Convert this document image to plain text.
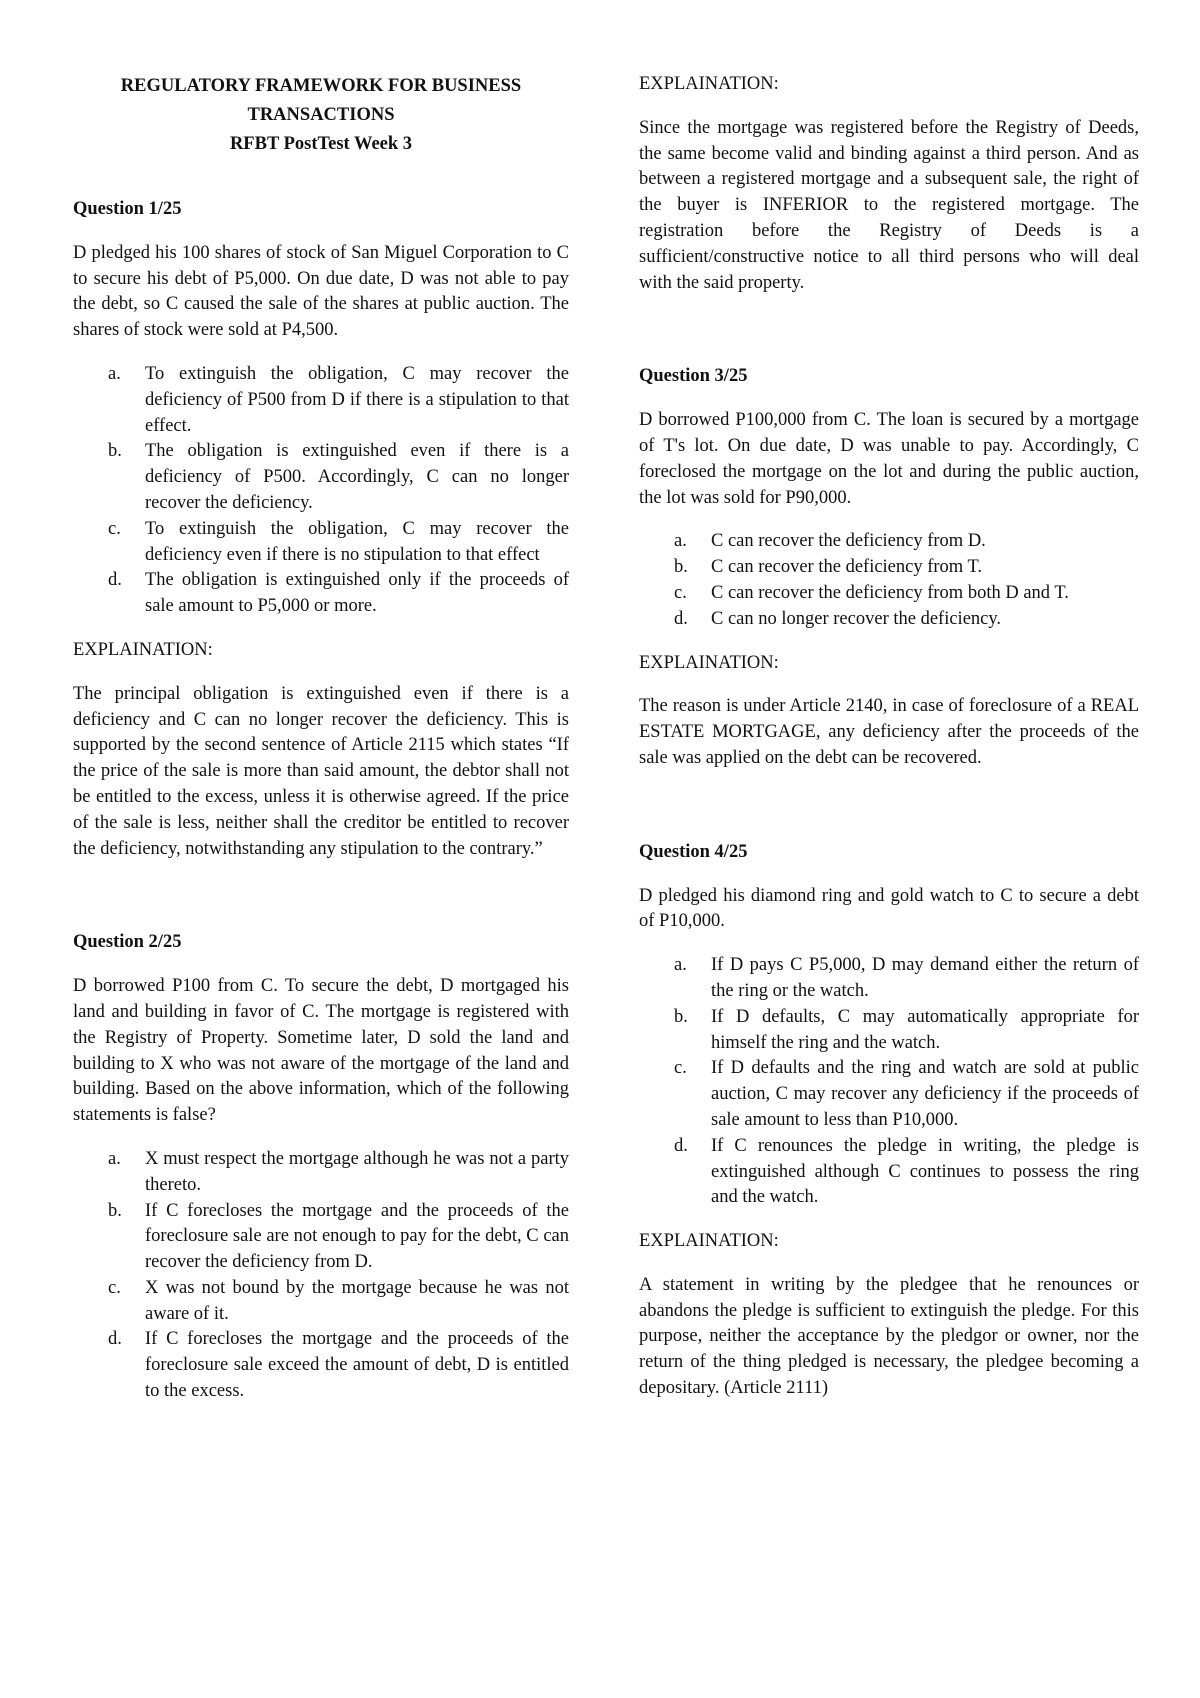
REGULATORY FRAMEWORK FOR BUSINESS TRANSACTIONS
RFBT PostTest Week 3
Question 1/25

D pledged his 100 shares of stock of San Miguel Corporation to C to secure his debt of P5,000. On due date, D was not able to pay the debt, so C caused the sale of the shares at public auction. The shares of stock were sold at P4,500.

a.	To extinguish the obligation, C may recover the deficiency of P500 from D if there is a stipulation to that effect.
b.	The obligation is extinguished even if there is a deficiency of P500. Accordingly, C can no longer recover the deficiency.
c.	To extinguish the obligation, C may recover the deficiency even if there is no stipulation to that effect
d.	The obligation is extinguished only if the proceeds of sale amount to P5,000 or more.
EXPLAINATION:

The principal obligation is extinguished even if there is a deficiency and C can no longer recover the deficiency. This is supported by the second sentence of Article 2115 which states “If the price of the sale is more than said amount, the debtor shall not be entitled to the excess, unless it is otherwise agreed. If the price of the sale is less, neither shall the creditor be entitled to recover the deficiency, notwithstanding any stipulation to the contrary.”

Question 2/25

D borrowed P100 from C. To secure the debt, D mortgaged his land and building in favor of C. The mortgage is registered with the Registry of Property. Sometime later, D sold the land and building to X who was not aware of the mortgage of the land and building. Based on the above information, which of the following statements is false?

a.	X must respect the mortgage although he was not a party thereto.
b.	If C forecloses the mortgage and the proceeds of the foreclosure sale are not enough to pay for the debt, C can recover the deficiency from D.
c.	X was not bound by the mortgage because he was not aware of it.
d.	If C forecloses the mortgage and the proceeds of the foreclosure sale exceed the amount of debt, D is entitled to the excess.
EXPLAINATION:

Since the mortgage was registered before the Registry of Deeds, the same become valid and binding against a third person. And as between a registered mortgage and a subsequent sale, the right of the buyer is INFERIOR to the registered mortgage. The registration before the Registry of Deeds is a sufficient/constructive notice to all third persons who will deal with the said property.

Question 3/25

D borrowed P100,000 from C. The loan is secured by a mortgage of T's lot. On due date, D was unable to pay. Accordingly, C foreclosed the mortgage on the lot and during the public auction, the lot was sold for P90,000.

a.	C can recover the deficiency from D.
b.	C can recover the deficiency from T.
c.	C can recover the deficiency from both D and T.
d.	C can no longer recover the deficiency.
EXPLAINATION:

The reason is under Article 2140, in case of foreclosure of a REAL ESTATE MORTGAGE, any deficiency after the proceeds of the sale was applied on the debt can be recovered.

Question 4/25

D pledged his diamond ring and gold watch to C to secure a debt of P10,000.

a.	If D pays C P5,000, D may demand either the return of the ring or the watch.
b.	If D defaults, C may automatically appropriate for himself the ring and the watch.
c.	If D defaults and the ring and watch are sold at public auction, C may recover any deficiency if the proceeds of sale amount to less than P10,000.
d.	If C renounces the pledge in writing, the pledge is extinguished although C continues to possess the ring and the watch.
EXPLAINATION:

A statement in writing by the pledgee that he renounces or abandons the pledge is sufficient to extinguish the pledge. For this purpose, neither the acceptance by the pledgor or owner, nor the return of the thing pledged is necessary, the pledgee becoming a depositary. (Article 2111)
